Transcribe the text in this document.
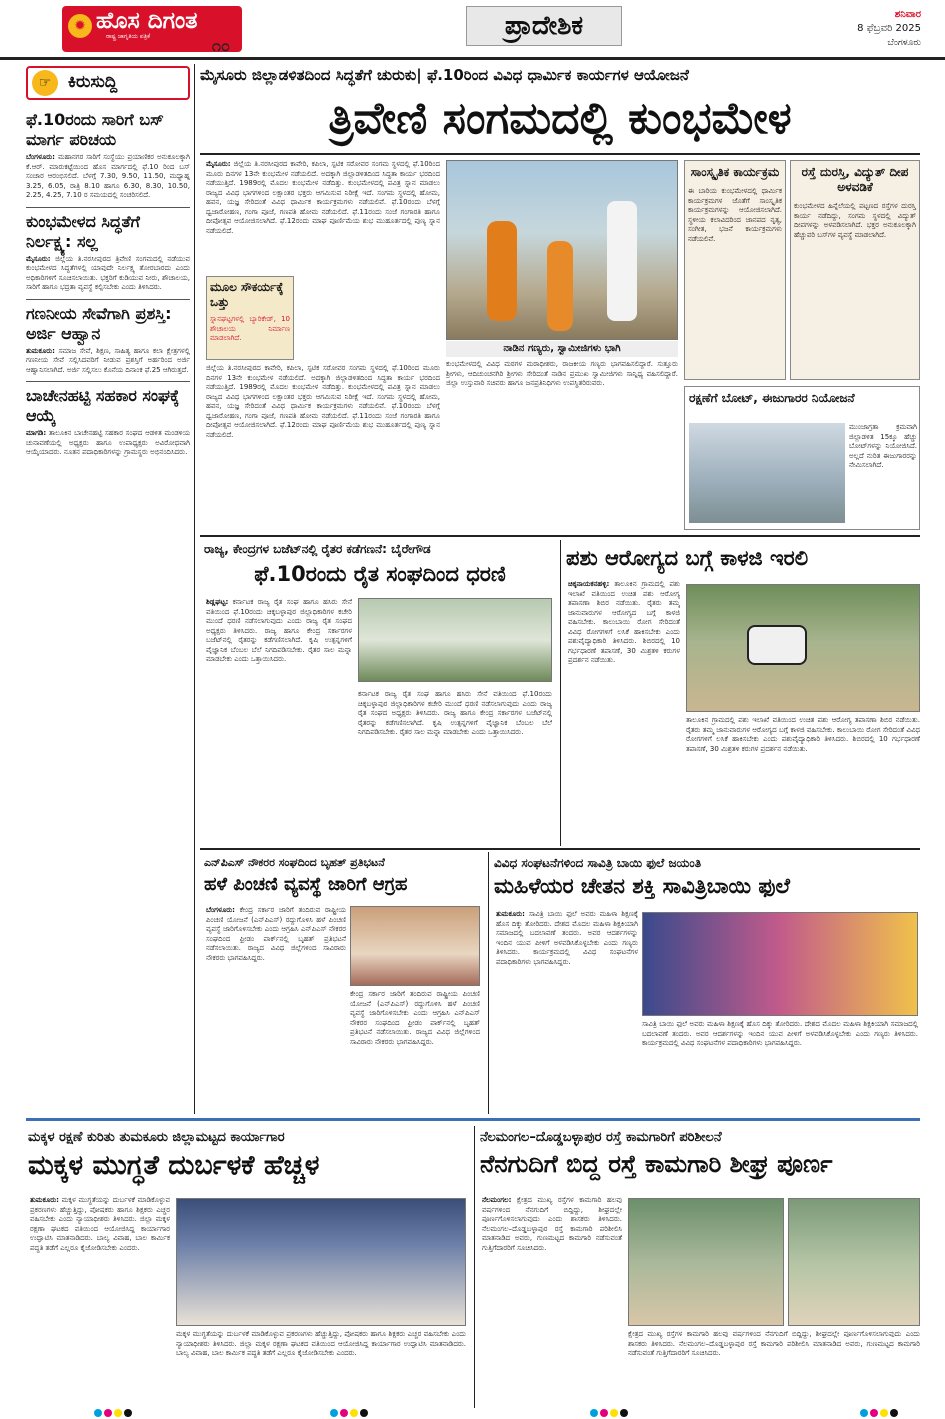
✹ ಹೊಸ ದಿಗಂತ
ರಾಷ್ಟ್ರ ಜಾಗೃತಿಯ ಪತ್ರಿಕೆ	೧೦
ಪ್ರಾದೇಶಿಕ	ಶನಿವಾರ
8 ಫೆಬ್ರವರಿ 2025
ಬೆಂಗಳೂರು
☞ ಕಿರುಸುದ್ದಿ
ಫೆ.10ರಂದು ಸಾರಿಗೆ ಬಸ್ ಮಾರ್ಗ ಪರಿಚಯ
ಬೆಂಗಳೂರು: ಮಹಾನಗರ ಸಾರಿಗೆ ಸಂಸ್ಥೆಯು ಪ್ರಯಾಣಿಕರ ಅನುಕೂಲಕ್ಕಾಗಿ ಕೆ.ಆರ್. ಮಾರುಕಟ್ಟೆಯಿಂದ ಹೊಸ ಮಾರ್ಗದಲ್ಲಿ ಫೆ.10 ರಿಂದ ಬಸ್ ಸಂಚಾರ ಆರಂಭಿಸಲಿದೆ. ಬೆಳಗ್ಗೆ 7.30, 9.50, 11.50, ಮಧ್ಯಾಹ್ನ 3.25, 6.05, ರಾತ್ರಿ 8.10 ಹಾಗೂ 6.30, 8.30, 10.50, 2.25, 4.25, 7.10 ರ ಸಮಯದಲ್ಲಿ ಸಂಚರಿಸಲಿದೆ.
ಕುಂಭಮೇಳದ ಸಿದ್ಧತೆಗೆ ನಿರ್ಲಕ್ಷ್ಯ: ಸಲ್ಲ
ಮೈಸೂರು: ಜಿಲ್ಲೆಯ ತಿ.ನರಸೀಪುರದ ತ್ರಿವೇಣಿ ಸಂಗಮದಲ್ಲಿ ನಡೆಯುವ ಕುಂಭಮೇಳದ ಸಿದ್ಧತೆಗಳಲ್ಲಿ ಯಾವುದೇ ನಿರ್ಲಕ್ಷ್ಯ ತೋರಬಾರದು ಎಂದು ಅಧಿಕಾರಿಗಳಿಗೆ ಸೂಚಿಸಲಾಯಿತು. ಭಕ್ತರಿಗೆ ಕುಡಿಯುವ ನೀರು, ಶೌಚಾಲಯ, ಸಾರಿಗೆ ಹಾಗೂ ಭದ್ರತಾ ವ್ಯವಸ್ಥೆ ಕಲ್ಪಿಸಬೇಕು ಎಂದು ತಿಳಿಸಿದರು.
ಗಣನೀಯ ಸೇವೆಗಾಗಿ ಪ್ರಶಸ್ತಿ: ಅರ್ಜಿ ಆಹ್ವಾನ
ತುಮಕೂರು: ಸಮಾಜ ಸೇವೆ, ಶಿಕ್ಷಣ, ಸಾಹಿತ್ಯ ಹಾಗೂ ಕಲಾ ಕ್ಷೇತ್ರಗಳಲ್ಲಿ ಗಣನೀಯ ಸೇವೆ ಸಲ್ಲಿಸಿದವರಿಗೆ ನೀಡುವ ಪ್ರಶಸ್ತಿಗೆ ಅರ್ಹರಿಂದ ಅರ್ಜಿ ಆಹ್ವಾನಿಸಲಾಗಿದೆ. ಅರ್ಜಿ ಸಲ್ಲಿಸಲು ಕೊನೆಯ ದಿನಾಂಕ ಫೆ.25 ಆಗಿರುತ್ತದೆ.
ಬಾಚೇನಹಟ್ಟಿ ಸಹಕಾರ ಸಂಘಕ್ಕೆ ಆಯ್ಕೆ
ಮಾಗಡಿ: ತಾಲೂಕಿನ ಬಾಚೇನಹಟ್ಟಿ ಸಹಕಾರ ಸಂಘದ ಆಡಳಿತ ಮಂಡಳಿಯ ಚುನಾವಣೆಯಲ್ಲಿ ಅಧ್ಯಕ್ಷರು ಹಾಗೂ ಉಪಾಧ್ಯಕ್ಷರು ಅವಿರೋಧವಾಗಿ ಆಯ್ಕೆಯಾದರು. ನೂತನ ಪದಾಧಿಕಾರಿಗಳನ್ನು ಗ್ರಾಮಸ್ಥರು ಅಭಿನಂದಿಸಿದರು.
ಮೈಸೂರು ಜಿಲ್ಲಾಡಳಿತದಿಂದ ಸಿದ್ಧತೆಗೆ ಚುರುಕು| ಫೆ.10ರಿಂದ ವಿವಿಧ ಧಾರ್ಮಿಕ ಕಾರ್ಯಗಳ ಆಯೋಜನೆ
ತ್ರಿವೇಣಿ ಸಂಗಮದಲ್ಲಿ ಕುಂಭಮೇಳ
ಮೈಸೂರು: ಜಿಲ್ಲೆಯ ತಿ.ನರಸೀಪುರದ ಕಾವೇರಿ, ಕಪಿಲಾ, ಸ್ಫಟಿಕ ಸರೋವರ ಸಂಗಮ ಸ್ಥಳದಲ್ಲಿ ಫೆ.10ರಿಂದ ಮೂರು ದಿನಗಳ 13ನೇ ಕುಂಭಮೇಳ ನಡೆಯಲಿದೆ. ಅದಕ್ಕಾಗಿ ಜಿಲ್ಲಾಡಳಿತದಿಂದ ಸಿದ್ಧತಾ ಕಾರ್ಯ ಭರದಿಂದ ನಡೆಯುತ್ತಿದೆ. 1989ರಲ್ಲಿ ಮೊದಲ ಕುಂಭಮೇಳ ನಡೆದಿತ್ತು. ಕುಂಭಮೇಳದಲ್ಲಿ ಪವಿತ್ರ ಸ್ನಾನ ಮಾಡಲು ರಾಜ್ಯದ ವಿವಿಧ ಭಾಗಗಳಿಂದ ಲಕ್ಷಾಂತರ ಭಕ್ತರು ಆಗಮಿಸುವ ನಿರೀಕ್ಷೆ ಇದೆ. ಸಂಗಮ ಸ್ಥಳದಲ್ಲಿ ಹೋಮ, ಹವನ, ಯಜ್ಞ ಸೇರಿದಂತೆ ವಿವಿಧ ಧಾರ್ಮಿಕ ಕಾರ್ಯಕ್ರಮಗಳು ನಡೆಯಲಿವೆ. ಫೆ.10ರಂದು ಬೆಳಗ್ಗೆ ಧ್ವಜಾರೋಹಣ, ಗಂಗಾ ಪೂಜೆ, ಗಣಪತಿ ಹೋಮ ನಡೆಯಲಿದೆ. ಫೆ.11ರಂದು ಸಂಜೆ ಗಂಗಾರತಿ ಹಾಗೂ ದೀಪೋತ್ಸವ ಆಯೋಜಿಸಲಾಗಿದೆ. ಫೆ.12ರಂದು ಮಾಘ ಪೂರ್ಣಿಮೆಯ ಶುಭ ಮುಹೂರ್ತದಲ್ಲಿ ಪುಣ್ಯ ಸ್ನಾನ ನಡೆಯಲಿದೆ.
ಮೂಲ ಸೌಕರ್ಯಕ್ಕೆ ಒತ್ತು
ಸ್ನಾನಘಟ್ಟಗಳಲ್ಲಿ ಬ್ಯಾರಿಕೇಡ್‌, 10 ಶೌಚಾಲಯ ನಿರ್ಮಾಣ ಮಾಡಲಾಗಿದೆ.
ಜಿಲ್ಲೆಯ ತಿ.ನರಸೀಪುರದ ಕಾವೇರಿ, ಕಪಿಲಾ, ಸ್ಫಟಿಕ ಸರೋವರ ಸಂಗಮ ಸ್ಥಳದಲ್ಲಿ ಫೆ.10ರಿಂದ ಮೂರು ದಿನಗಳ 13ನೇ ಕುಂಭಮೇಳ ನಡೆಯಲಿದೆ. ಅದಕ್ಕಾಗಿ ಜಿಲ್ಲಾಡಳಿತದಿಂದ ಸಿದ್ಧತಾ ಕಾರ್ಯ ಭರದಿಂದ ನಡೆಯುತ್ತಿದೆ. 1989ರಲ್ಲಿ ಮೊದಲ ಕುಂಭಮೇಳ ನಡೆದಿತ್ತು. ಕುಂಭಮೇಳದಲ್ಲಿ ಪವಿತ್ರ ಸ್ನಾನ ಮಾಡಲು ರಾಜ್ಯದ ವಿವಿಧ ಭಾಗಗಳಿಂದ ಲಕ್ಷಾಂತರ ಭಕ್ತರು ಆಗಮಿಸುವ ನಿರೀಕ್ಷೆ ಇದೆ. ಸಂಗಮ ಸ್ಥಳದಲ್ಲಿ ಹೋಮ, ಹವನ, ಯಜ್ಞ ಸೇರಿದಂತೆ ವಿವಿಧ ಧಾರ್ಮಿಕ ಕಾರ್ಯಕ್ರಮಗಳು ನಡೆಯಲಿವೆ. ಫೆ.10ರಂದು ಬೆಳಗ್ಗೆ ಧ್ವಜಾರೋಹಣ, ಗಂಗಾ ಪೂಜೆ, ಗಣಪತಿ ಹೋಮ ನಡೆಯಲಿದೆ. ಫೆ.11ರಂದು ಸಂಜೆ ಗಂಗಾರತಿ ಹಾಗೂ ದೀಪೋತ್ಸವ ಆಯೋಜಿಸಲಾಗಿದೆ. ಫೆ.12ರಂದು ಮಾಘ ಪೂರ್ಣಿಮೆಯ ಶುಭ ಮುಹೂರ್ತದಲ್ಲಿ ಪುಣ್ಯ ಸ್ನಾನ ನಡೆಯಲಿದೆ.
ನಾಡಿನ ಗಣ್ಯರು, ಸ್ವಾಮೀಜಿಗಳು ಭಾಗಿ
ಕುಂಭಮೇಳದಲ್ಲಿ ವಿವಿಧ ಮಠಗಳ ಮಠಾಧೀಶರು, ರಾಜಕೀಯ ಗಣ್ಯರು ಭಾಗವಹಿಸಲಿದ್ದಾರೆ. ಸುತ್ತೂರು ಶ್ರೀಗಳು, ಆದಿಚುಂಚನಗಿರಿ ಶ್ರೀಗಳು ಸೇರಿದಂತೆ ನಾಡಿನ ಪ್ರಮುಖ ಸ್ವಾಮೀಜಿಗಳು ಸಾನ್ನಿಧ್ಯ ವಹಿಸಲಿದ್ದಾರೆ. ಜಿಲ್ಲಾ ಉಸ್ತುವಾರಿ ಸಚಿವರು ಹಾಗೂ ಜನಪ್ರತಿನಿಧಿಗಳು ಉಪಸ್ಥಿತರಿರುವರು.
ಸಾಂಸ್ಕೃತಿಕ ಕಾರ್ಯಕ್ರಮ
ಈ ಬಾರಿಯ ಕುಂಭಮೇಳದಲ್ಲಿ ಧಾರ್ಮಿಕ ಕಾರ್ಯಕ್ರಮಗಳ ಜೊತೆಗೆ ಸಾಂಸ್ಕೃತಿಕ ಕಾರ್ಯಕ್ರಮಗಳನ್ನು ಆಯೋಜಿಸಲಾಗಿದೆ. ಸ್ಥಳೀಯ ಕಲಾವಿದರಿಂದ ಜಾನಪದ ನೃತ್ಯ, ಸಂಗೀತ, ಭಜನೆ ಕಾರ್ಯಕ್ರಮಗಳು ನಡೆಯಲಿವೆ.
ರಸ್ತೆ ದುರಸ್ತಿ, ವಿದ್ಯುತ್ ದೀಪ ಅಳವಡಿಕೆ
ಕುಂಭಮೇಳದ ಹಿನ್ನೆಲೆಯಲ್ಲಿ ಪಟ್ಟಣದ ರಸ್ತೆಗಳ ದುರಸ್ತಿ ಕಾರ್ಯ ನಡೆದಿದ್ದು, ಸಂಗಮ ಸ್ಥಳದಲ್ಲಿ ವಿದ್ಯುತ್ ದೀಪಗಳನ್ನು ಅಳವಡಿಸಲಾಗಿದೆ. ಭಕ್ತರ ಅನುಕೂಲಕ್ಕಾಗಿ ಹೆಚ್ಚುವರಿ ಬಸ್‌ಗಳ ವ್ಯವಸ್ಥೆ ಮಾಡಲಾಗಿದೆ.
ರಕ್ಷಣೆಗೆ ಬೋಟ್, ಈಜುಗಾರರ ನಿಯೋಜನೆ
ಮುಂಜಾಗ್ರತಾ ಕ್ರಮವಾಗಿ ಜಿಲ್ಲಾಡಳಿತ 15ಕ್ಕೂ ಹೆಚ್ಚು ಬೋಟ್‌ಗಳನ್ನು ನಿಯೋಜಿಸಿದೆ. ಅಲ್ಲದೆ ನುರಿತ ಈಜುಗಾರರನ್ನು ನೇಮಿಸಲಾಗಿದೆ.
ರಾಜ್ಯ, ಕೇಂದ್ರಗಳ ಬಜೆಟ್‌ನಲ್ಲಿ ರೈತರ ಕಡೆಗಣನೆ: ಬೈರೇಗೌಡ
ಫೆ.10ರಂದು ರೈತ ಸಂಘದಿಂದ ಧರಣಿ
ಶಿಡ್ಲಘಟ್ಟ: ಕರ್ನಾಟಕ ರಾಜ್ಯ ರೈತ ಸಂಘ ಹಾಗೂ ಹಸಿರು ಸೇನೆ ವತಿಯಿಂದ ಫೆ.10ರಂದು ಚಿಕ್ಕಬಳ್ಳಾಪುರ ಜಿಲ್ಲಾಧಿಕಾರಿಗಳ ಕಚೇರಿ ಮುಂದೆ ಧರಣಿ ನಡೆಸಲಾಗುವುದು ಎಂದು ರಾಜ್ಯ ರೈತ ಸಂಘದ ಅಧ್ಯಕ್ಷರು ತಿಳಿಸಿದರು. ರಾಜ್ಯ ಹಾಗೂ ಕೇಂದ್ರ ಸರ್ಕಾರಗಳ ಬಜೆಟ್‌ನಲ್ಲಿ ರೈತರನ್ನು ಕಡೆಗಣಿಸಲಾಗಿದೆ. ಕೃಷಿ ಉತ್ಪನ್ನಗಳಿಗೆ ವೈಜ್ಞಾನಿಕ ಬೆಂಬಲ ಬೆಲೆ ನಿಗದಿಪಡಿಸಬೇಕು. ರೈತರ ಸಾಲ ಮನ್ನಾ ಮಾಡಬೇಕು ಎಂದು ಒತ್ತಾಯಿಸಿದರು.
ಕರ್ನಾಟಕ ರಾಜ್ಯ ರೈತ ಸಂಘ ಹಾಗೂ ಹಸಿರು ಸೇನೆ ವತಿಯಿಂದ ಫೆ.10ರಂದು ಚಿಕ್ಕಬಳ್ಳಾಪುರ ಜಿಲ್ಲಾಧಿಕಾರಿಗಳ ಕಚೇರಿ ಮುಂದೆ ಧರಣಿ ನಡೆಸಲಾಗುವುದು ಎಂದು ರಾಜ್ಯ ರೈತ ಸಂಘದ ಅಧ್ಯಕ್ಷರು ತಿಳಿಸಿದರು. ರಾಜ್ಯ ಹಾಗೂ ಕೇಂದ್ರ ಸರ್ಕಾರಗಳ ಬಜೆಟ್‌ನಲ್ಲಿ ರೈತರನ್ನು ಕಡೆಗಣಿಸಲಾಗಿದೆ. ಕೃಷಿ ಉತ್ಪನ್ನಗಳಿಗೆ ವೈಜ್ಞಾನಿಕ ಬೆಂಬಲ ಬೆಲೆ ನಿಗದಿಪಡಿಸಬೇಕು. ರೈತರ ಸಾಲ ಮನ್ನಾ ಮಾಡಬೇಕು ಎಂದು ಒತ್ತಾಯಿಸಿದರು.
ಪಶು ಆರೋಗ್ಯದ ಬಗ್ಗೆ ಕಾಳಜಿ ಇರಲಿ
ಚಿಕ್ಕನಾಯಕನಹಳ್ಳಿ: ತಾಲೂಕಿನ ಗ್ರಾಮದಲ್ಲಿ ಪಶು ಇಲಾಖೆ ವತಿಯಿಂದ ಉಚಿತ ಪಶು ಆರೋಗ್ಯ ತಪಾಸಣಾ ಶಿಬಿರ ನಡೆಯಿತು. ರೈತರು ತಮ್ಮ ಜಾನುವಾರುಗಳ ಆರೋಗ್ಯದ ಬಗ್ಗೆ ಕಾಳಜಿ ವಹಿಸಬೇಕು. ಕಾಲುಬಾಯಿ ರೋಗ ಸೇರಿದಂತೆ ವಿವಿಧ ರೋಗಗಳಿಗೆ ಲಸಿಕೆ ಹಾಕಿಸಬೇಕು ಎಂದು ಪಶುವೈದ್ಯಾಧಿಕಾರಿ ತಿಳಿಸಿದರು. ಶಿಬಿರದಲ್ಲಿ 10 ಗರ್ಭಧಾರಣೆ ತಪಾಸಣೆ, 30 ಮಿಶ್ರತಳಿ ಕರುಗಳ ಪ್ರದರ್ಶನ ನಡೆಯಿತು.
ತಾಲೂಕಿನ ಗ್ರಾಮದಲ್ಲಿ ಪಶು ಇಲಾಖೆ ವತಿಯಿಂದ ಉಚಿತ ಪಶು ಆರೋಗ್ಯ ತಪಾಸಣಾ ಶಿಬಿರ ನಡೆಯಿತು. ರೈತರು ತಮ್ಮ ಜಾನುವಾರುಗಳ ಆರೋಗ್ಯದ ಬಗ್ಗೆ ಕಾಳಜಿ ವಹಿಸಬೇಕು. ಕಾಲುಬಾಯಿ ರೋಗ ಸೇರಿದಂತೆ ವಿವಿಧ ರೋಗಗಳಿಗೆ ಲಸಿಕೆ ಹಾಕಿಸಬೇಕು ಎಂದು ಪಶುವೈದ್ಯಾಧಿಕಾರಿ ತಿಳಿಸಿದರು. ಶಿಬಿರದಲ್ಲಿ 10 ಗರ್ಭಧಾರಣೆ ತಪಾಸಣೆ, 30 ಮಿಶ್ರತಳಿ ಕರುಗಳ ಪ್ರದರ್ಶನ ನಡೆಯಿತು.
ಎನ್‌ಪಿಎಸ್ ನೌಕರರ ಸಂಘದಿಂದ ಬೃಹತ್ ಪ್ರತಿಭಟನೆ
ಹಳೆ ಪಿಂಚಣಿ ವ್ಯವಸ್ಥೆ ಜಾರಿಗೆ ಆಗ್ರಹ
ಬೆಂಗಳೂರು: ಕೇಂದ್ರ ಸರ್ಕಾರ ಜಾರಿಗೆ ತಂದಿರುವ ರಾಷ್ಟ್ರೀಯ ಪಿಂಚಣಿ ಯೋಜನೆ (ಎನ್‌ಪಿಎಸ್) ರದ್ದುಗೊಳಿಸಿ ಹಳೆ ಪಿಂಚಣಿ ವ್ಯವಸ್ಥೆ ಜಾರಿಗೊಳಿಸಬೇಕು ಎಂದು ಆಗ್ರಹಿಸಿ ಎನ್‌ಪಿಎಸ್ ನೌಕರರ ಸಂಘದಿಂದ ಫ್ರೀಡಂ ಪಾರ್ಕ್‌ನಲ್ಲಿ ಬೃಹತ್ ಪ್ರತಿಭಟನೆ ನಡೆಸಲಾಯಿತು. ರಾಜ್ಯದ ವಿವಿಧ ಜಿಲ್ಲೆಗಳಿಂದ ಸಾವಿರಾರು ನೌಕರರು ಭಾಗವಹಿಸಿದ್ದರು.
ಕೇಂದ್ರ ಸರ್ಕಾರ ಜಾರಿಗೆ ತಂದಿರುವ ರಾಷ್ಟ್ರೀಯ ಪಿಂಚಣಿ ಯೋಜನೆ (ಎನ್‌ಪಿಎಸ್) ರದ್ದುಗೊಳಿಸಿ ಹಳೆ ಪಿಂಚಣಿ ವ್ಯವಸ್ಥೆ ಜಾರಿಗೊಳಿಸಬೇಕು ಎಂದು ಆಗ್ರಹಿಸಿ ಎನ್‌ಪಿಎಸ್ ನೌಕರರ ಸಂಘದಿಂದ ಫ್ರೀಡಂ ಪಾರ್ಕ್‌ನಲ್ಲಿ ಬೃಹತ್ ಪ್ರತಿಭಟನೆ ನಡೆಸಲಾಯಿತು. ರಾಜ್ಯದ ವಿವಿಧ ಜಿಲ್ಲೆಗಳಿಂದ ಸಾವಿರಾರು ನೌಕರರು ಭಾಗವಹಿಸಿದ್ದರು.
ವಿವಿಧ ಸಂಘಟನೆಗಳಿಂದ ಸಾವಿತ್ರಿ ಬಾಯಿ ಫುಲೆ ಜಯಂತಿ
ಮಹಿಳೆಯರ ಚೇತನ ಶಕ್ತಿ ಸಾವಿತ್ರಿಬಾಯಿ ಫುಲೆ
ತುಮಕೂರು: ಸಾವಿತ್ರಿ ಬಾಯಿ ಫುಲೆ ಅವರು ಮಹಿಳಾ ಶಿಕ್ಷಣಕ್ಕೆ ಹೊಸ ದಿಕ್ಕು ತೋರಿದರು. ದೇಶದ ಮೊದಲ ಮಹಿಳಾ ಶಿಕ್ಷಕಿಯಾಗಿ ಸಮಾಜದಲ್ಲಿ ಬದಲಾವಣೆ ತಂದರು. ಅವರ ಆದರ್ಶಗಳನ್ನು ಇಂದಿನ ಯುವ ಪೀಳಿಗೆ ಅಳವಡಿಸಿಕೊಳ್ಳಬೇಕು ಎಂದು ಗಣ್ಯರು ತಿಳಿಸಿದರು. ಕಾರ್ಯಕ್ರಮದಲ್ಲಿ ವಿವಿಧ ಸಂಘಟನೆಗಳ ಪದಾಧಿಕಾರಿಗಳು ಭಾಗವಹಿಸಿದ್ದರು.
ಸಾವಿತ್ರಿ ಬಾಯಿ ಫುಲೆ ಅವರು ಮಹಿಳಾ ಶಿಕ್ಷಣಕ್ಕೆ ಹೊಸ ದಿಕ್ಕು ತೋರಿದರು. ದೇಶದ ಮೊದಲ ಮಹಿಳಾ ಶಿಕ್ಷಕಿಯಾಗಿ ಸಮಾಜದಲ್ಲಿ ಬದಲಾವಣೆ ತಂದರು. ಅವರ ಆದರ್ಶಗಳನ್ನು ಇಂದಿನ ಯುವ ಪೀಳಿಗೆ ಅಳವಡಿಸಿಕೊಳ್ಳಬೇಕು ಎಂದು ಗಣ್ಯರು ತಿಳಿಸಿದರು. ಕಾರ್ಯಕ್ರಮದಲ್ಲಿ ವಿವಿಧ ಸಂಘಟನೆಗಳ ಪದಾಧಿಕಾರಿಗಳು ಭಾಗವಹಿಸಿದ್ದರು.
ಮಕ್ಕಳ ರಕ್ಷಣೆ ಕುರಿತು ತುಮಕೂರು ಜಿಲ್ಲಾಮಟ್ಟದ ಕಾರ್ಯಾಗಾರ
ಮಕ್ಕಳ ಮುಗ್ಧತೆ ದುರ್ಬಳಕೆ ಹೆಚ್ಚಳ
ತುಮಕೂರು: ಮಕ್ಕಳ ಮುಗ್ಧತೆಯನ್ನು ದುರ್ಬಳಕೆ ಮಾಡಿಕೊಳ್ಳುವ ಪ್ರಕರಣಗಳು ಹೆಚ್ಚುತ್ತಿದ್ದು, ಪೋಷಕರು ಹಾಗೂ ಶಿಕ್ಷಕರು ಎಚ್ಚರ ವಹಿಸಬೇಕು ಎಂದು ನ್ಯಾಯಾಧೀಶರು ತಿಳಿಸಿದರು. ಜಿಲ್ಲಾ ಮಕ್ಕಳ ರಕ್ಷಣಾ ಘಟಕದ ವತಿಯಿಂದ ಆಯೋಜಿಸಿದ್ದ ಕಾರ್ಯಾಗಾರ ಉದ್ಘಾಟಿಸಿ ಮಾತನಾಡಿದರು. ಬಾಲ್ಯ ವಿವಾಹ, ಬಾಲ ಕಾರ್ಮಿಕ ಪದ್ಧತಿ ತಡೆಗೆ ಎಲ್ಲರೂ ಕೈಜೋಡಿಸಬೇಕು ಎಂದರು.
ಮಕ್ಕಳ ಮುಗ್ಧತೆಯನ್ನು ದುರ್ಬಳಕೆ ಮಾಡಿಕೊಳ್ಳುವ ಪ್ರಕರಣಗಳು ಹೆಚ್ಚುತ್ತಿದ್ದು, ಪೋಷಕರು ಹಾಗೂ ಶಿಕ್ಷಕರು ಎಚ್ಚರ ವಹಿಸಬೇಕು ಎಂದು ನ್ಯಾಯಾಧೀಶರು ತಿಳಿಸಿದರು. ಜಿಲ್ಲಾ ಮಕ್ಕಳ ರಕ್ಷಣಾ ಘಟಕದ ವತಿಯಿಂದ ಆಯೋಜಿಸಿದ್ದ ಕಾರ್ಯಾಗಾರ ಉದ್ಘಾಟಿಸಿ ಮಾತನಾಡಿದರು. ಬಾಲ್ಯ ವಿವಾಹ, ಬಾಲ ಕಾರ್ಮಿಕ ಪದ್ಧತಿ ತಡೆಗೆ ಎಲ್ಲರೂ ಕೈಜೋಡಿಸಬೇಕು ಎಂದರು.
ನೆಲಮಂಗಲ–ದೊಡ್ಡಬಳ್ಳಾಪುರ ರಸ್ತೆ ಕಾಮಗಾರಿಗೆ ಪರಿಶೀಲನೆ
ನೆನಗುದಿಗೆ ಬಿದ್ದ ರಸ್ತೆ ಕಾಮಗಾರಿ ಶೀಘ್ರ ಪೂರ್ಣ
ನೆಲಮಂಗಲ: ಕ್ಷೇತ್ರದ ಮುಖ್ಯ ರಸ್ತೆಗಳ ಕಾಮಗಾರಿ ಹಲವು ವರ್ಷಗಳಿಂದ ನೆನಗುದಿಗೆ ಬಿದ್ದಿದ್ದು, ಶೀಘ್ರದಲ್ಲೇ ಪೂರ್ಣಗೊಳಿಸಲಾಗುವುದು ಎಂದು ಶಾಸಕರು ತಿಳಿಸಿದರು. ನೆಲಮಂಗಲ–ದೊಡ್ಡಬಳ್ಳಾಪುರ ರಸ್ತೆ ಕಾಮಗಾರಿ ಪರಿಶೀಲಿಸಿ ಮಾತನಾಡಿದ ಅವರು, ಗುಣಮಟ್ಟದ ಕಾಮಗಾರಿ ನಡೆಸುವಂತೆ ಗುತ್ತಿಗೆದಾರರಿಗೆ ಸೂಚಿಸಿದರು.
ಕ್ಷೇತ್ರದ ಮುಖ್ಯ ರಸ್ತೆಗಳ ಕಾಮಗಾರಿ ಹಲವು ವರ್ಷಗಳಿಂದ ನೆನಗುದಿಗೆ ಬಿದ್ದಿದ್ದು, ಶೀಘ್ರದಲ್ಲೇ ಪೂರ್ಣಗೊಳಿಸಲಾಗುವುದು ಎಂದು ಶಾಸಕರು ತಿಳಿಸಿದರು. ನೆಲಮಂಗಲ–ದೊಡ್ಡಬಳ್ಳಾಪುರ ರಸ್ತೆ ಕಾಮಗಾರಿ ಪರಿಶೀಲಿಸಿ ಮಾತನಾಡಿದ ಅವರು, ಗುಣಮಟ್ಟದ ಕಾಮಗಾರಿ ನಡೆಸುವಂತೆ ಗುತ್ತಿಗೆದಾರರಿಗೆ ಸೂಚಿಸಿದರು.
